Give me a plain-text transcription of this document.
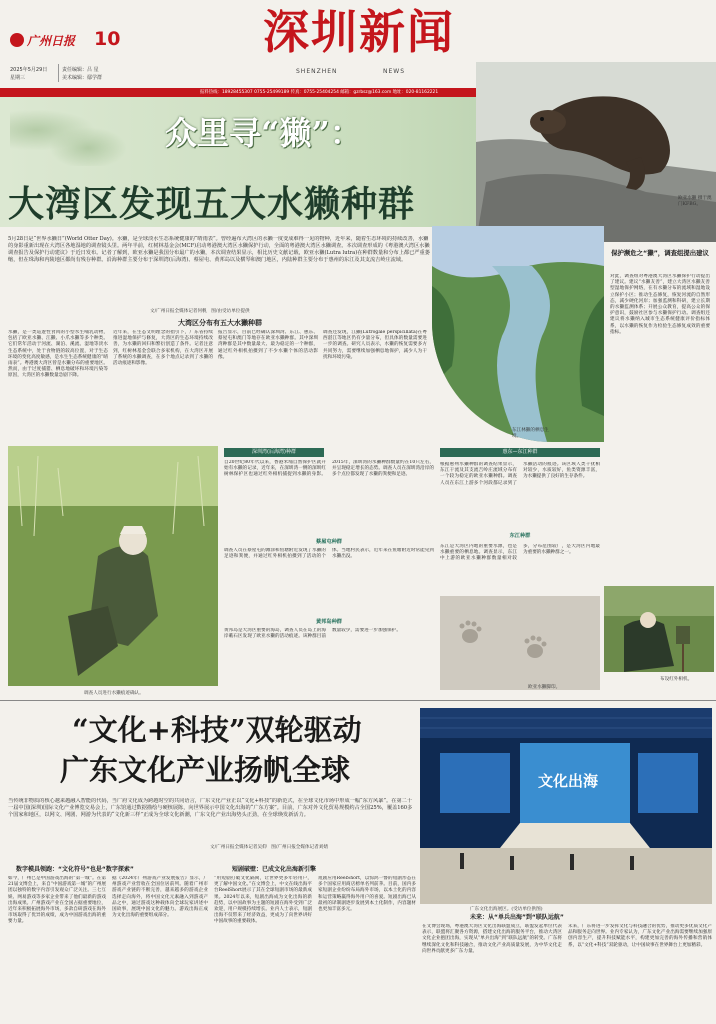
广州日报 10
2025年5月29日
星期三
责任编辑：吕 星
美术编辑：鄢学群
深圳新闻
SHENZHEN	NEWS
报料热线：18928455307 0755-25499189 传真：0755-25404254 邮箱：gzrbsz@163.com 地址：020-81162221
众里寻“獭”：
大湾区发现五大水獭种群	欧亚水獭 摄于澳门KFBG。
5月28日是“世界水獭日”(World Otter Day)。水獭，是全球淡水生态系统健康的“晴雨表”。曾经遍布大湾区的水獭一度变成难得一见的物种，近年来，随着生态环境的持续改善，水獭的身影重新出现在大湾区各地湿地的调查镜头里。两年半前，红树林基金会(MCF)启动粤港澳大湾区水獭保护行动，全面的粤港澳大湾区水獭调查。本次调查形成的《粤港澳大湾区水獭调查报告及保护行动建议》于近日发布。记者了解到，欧亚水獭是我国分布最广的水獭，本次调查结果显示，相比历史文献记载，欧亚水獭(Lutra lutra)在种群数量和分布上都已严重萎缩，但在珠海和内陵地区都尚有残存种群。沿海种群主要分布于深圳湾(后海湾)、蔡屋屯、黄邦岛以及横琴和澳门地区，内陆种群主要分布于惠州的东江及其支流吉岭庄流域。
东江林獭的栖息生境。
文/广州日报全媒体记者何帆　图/由受访单位提供
大湾区分布有五大水獭种群
水獭，是一类巡逻性食肉的小型水生哺乳动物，包括了欧亚水獭、江獭、小爪水獭等多个种类。它们常年活动于河流、湖泊、溪流、湿地等淡水生态系统中，处于食物链的较高位置，对于生态环境的变化高度敏感，是水生生态系统健康的“晴雨表”。粤港澳大湾区曾是水獭分布的重要地区。然而，由于过度捕猎、栖息地破坏和环境污染等原因，大湾区的水獭数量急剧下降。
近年来，在生态文明理念的指引下，广东省持续推进湿地保护与修复，大湾区的生态环境持续改善，为水獭的回归和繁衍创造了条件。记者注意到，红树林基金会联合多家机构，在大湾区开展了系统的水獭调查，在多个地点记录到了水獭的活动痕迹和影像。
报告显示，目前已经确认深圳湾、东江、惠东、蔡屋屯和澳门等地存在欧亚水獭种群。其中深圳湾种群是其中数量最大、最为稳定的一个种群，通过红外相机拍摄到了不少水獭个体的活动影像。
调查还发现，江獭(Lutrogale perspicillata)在粤西湛江等地区仍有少量分布，但具体的数量需要进一步的调查。研究人员表示，水獭的恢复需要多方共同努力，需要继续加强栖息地保护，减少人为干扰和环境污染。
保护濒危之“獭”，调查组提出建议
对此，调查组对粤港澳大湾区水獭保护行动提出了建议。建议“水獭友善”，建立大湾区水獭友善型湿地保护网络，在有水獭分布的流域和湿地设立保护小区；推动生态修复，恢复河流的自然形态，减少硬化河岸；加强监测和科研，建立长期的水獭监测体系；开展公众教育，提高公众的保护意识，鼓励社区参与水獭保护行动。调查组还建议将水獭纳入城市生态系统健康评价指标体系，以水獭的恢复作为检验生态修复成效的重要指标。
调查人员进行水獭痕迹确认。
深圳湾(后海湾)种群
自20世纪80年代以来，香港米埔自然保护区就开始有水獭的记录，近年来，在深圳湾一侧的深圳红树林保护区也通过红外相机捕捉到水獭的身影。2015年，深圳湾的水獭种群数量约在10只左右，并呈现稳定增长的态势。调查人员在深圳湾沿岸的多个点位都发现了水獭的粪便和足迹。
蔡屋屯种群
调查人员在蔡屋屯的滩涂和鱼塘附近发现了水獭的足迹和粪便，并通过红外相机拍摄到了活动的个体。当地村民表示，近年来在鱼塘附近时常能见到水獭出没。
黄邦岛种群
黄邦岛是大湾区重要的海岛，调查人员在岛上的海岸礁石区发现了欧亚水獭的活动痕迹。该种群目前数量较少，需要进一步加强保护。
惠东—东江种群
根据惠州水獭种群的调查结果显示，东江干流及其支流吉岭庄流域分布有一个较为稳定的欧亚水獭种群。调查人员在东江上游多个河段都记录到了水獭活动的痕迹。该区域人类干扰相对较少，水质较好，鱼类资源丰富，为水獭提供了良好的生存条件。
东江种群
东江是大湾区内地的重要水源，也是水獭重要的栖息地。调查显示，东江中上游的欧亚水獭种群数量相对较多，分布范围较广，是大湾区内地最为重要的水獭种群之一。
欧亚水獭脚印。
布设红外相机。
“文化+科技”双轮驱动
广东文化产业扬帆全球
当传统非物质的核心越来越融入智能的代码，当广府文化成为跨越时空的共同语言，广东文化产业正以“文化+科技”的新范式，在全球文化市场中形成一幅“东方风暴”。在第二十一届中国(深圳)国际文化产业博览交易会上，广东馆通过数据描绘与硬核展陈，向世界展示中国文化出海的“广东方案”。目前，广东对外文化贸易规模约占全国25%，覆盖160多个国家和地区，以网文、网剧、网游为代表的“文化新三样”正成为全球文化新潮，广东文化产业出海势头正劲，在全球焕发新活力。
文/广州日报全媒体记者吴仰　图/广州日报全媒体记者刘婧
文化出海
广东文化出海展区。(受访单位供图)
数字模具领跑：“文化符号”也是“数字探索”
如今，广州已是中国游戏出海的“第一城”。在第21届文博会上，来自“中国游戏第一城”的广州展团以独特的数字内容引发观众广泛关注。三七互娱、网易游戏等多家企业带来了他们最新的游戏出海成果。广州游戏产业在全国占据重要地位，近年来积极拓展海外市场，多款自研游戏在海外市场取得了优异的成绩，成为中国游戏出海的重要力量。
据《2024年广州游戏产业发展报告》显示，广州游戏产业营收在全国位居前列。随着广州市游戏产业链的不断完善，越来越多的游戏企业选择走向海外，将中国文化元素融入到游戏产品之中，通过游戏这种载体向全球玩家讲述中国故事，展现中国文化的魅力。游戏出海正成为文化出海的重要组成部分。
短剧破壁：已成文化出海新引擎
“用短剧打破文化隔阂，让世界更多年轻用户，更了解中国文化。”在文博会上，中文在线出海平台ReelShort展示了其在全球短剧市场的最新成果。2024年以来，短剧出海成为文化出海的新趋势，以中国故事为主题的短剧在海外受到广泛欢迎，用户规模持续增长。业内人士表示，短剧出海不仅带来了经济效益，更成为了向世界讲好中国故事的重要载体。
短剧应用ReelShort，以惊鸿一瞥的短剧形态在多个国家应用商店榜单名列前茅。目前，国内多家短剧企业纷纷布局海外市场，以本土化的内容和运营策略赢得海外用户的喜爱。短剧出海已从最初的译制剧逐步发展到本土化制作，内容题材也更加丰富多元。
未来：从“单兵出海”到“联队远航”
在文博会现场，粤港澳大湾区文化出海联盟成立，联盟发起单位代表表示，联盟将汇聚各方资源，搭建文化出海的服务平台，推动大湾区文化企业抱团出海，实现从“单兵出海”到“联队远航”的转变。广东将继续深化文化和科技融合，推动文化产业高质量发展，为中华文化走向世界贡献更多广东力量。
未来，广东将进一步发挥文化与科技融合的优势，推动更多优质文化产品和服务走向世界。业内专家认为，广东文化产业出海需要继续加强原创内容生产，提升科技赋能水平，构建更加完善的海外传播和营销体系，以“文化+科技”双轮驱动，让中国故事在世界舞台上更加精彩。
